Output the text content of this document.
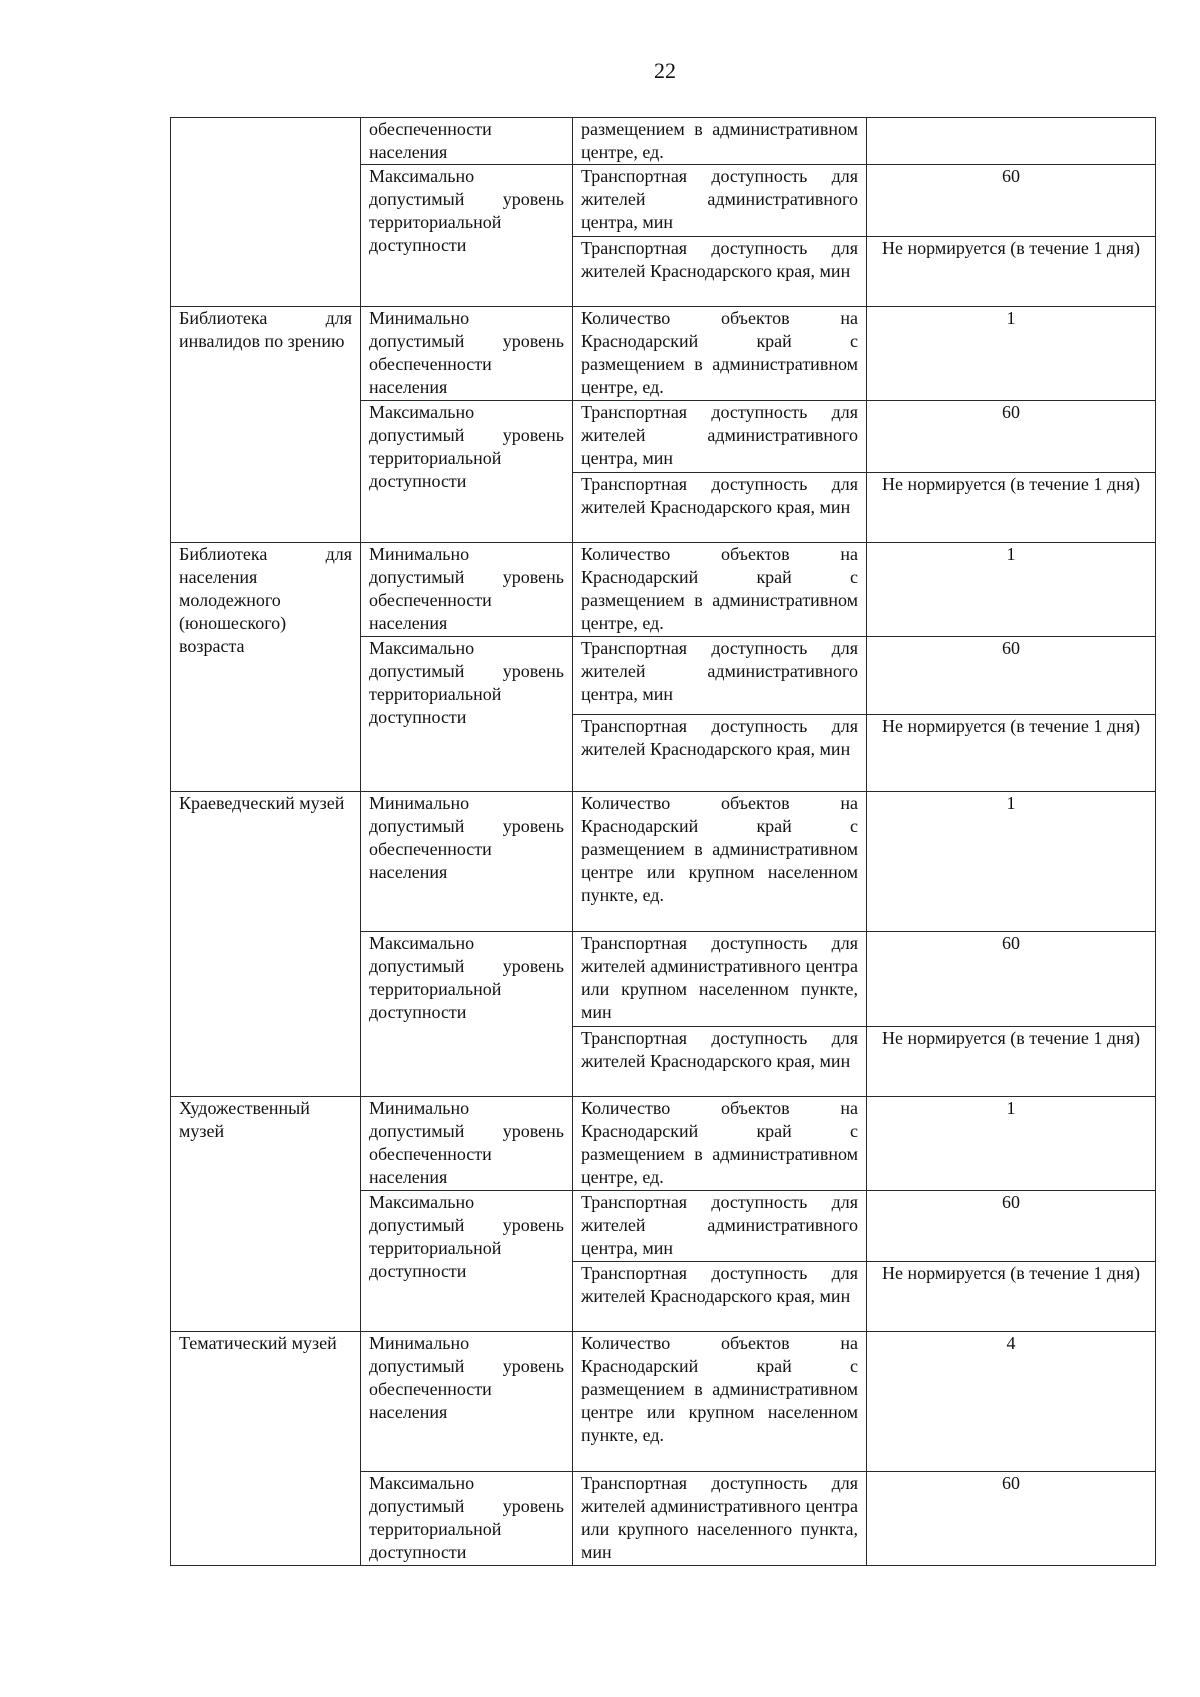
22
	обеспеченности населения	размещением в административном центре, ед.	
	Максимально допустимый уровень территориальной доступности	Транспортная доступность для жителей административного центра, мин	60
		Транспортная доступность для жителей Краснодарского края, мин	Не нормируется (в течение 1 дня)
Библиотека для инвалидов по зрению	Минимально допустимый уровень обеспеченности населения	Количество объектов на Краснодарский край с размещением в административном центре, ед.	1
	Максимально допустимый уровень территориальной доступности	Транспортная доступность для жителей административного центра, мин	60
		Транспортная доступность для жителей Краснодарского края, мин	Не нормируется (в течение 1 дня)
Библиотека для населения молодежного (юношеского) возраста	Минимально допустимый уровень обеспеченности населения	Количество объектов на Краснодарский край с размещением в административном центре, ед.	1
	Максимально допустимый уровень территориальной доступности	Транспортная доступность для жителей административного центра, мин	60
		Транспортная доступность для жителей Краснодарского края, мин	Не нормируется (в течение 1 дня)
Краеведческий музей	Минимально допустимый уровень обеспеченности населения	Количество объектов на Краснодарский край с размещением в административном центре или крупном населенном пункте, ед.	1
	Максимально допустимый уровень территориальной доступности	Транспортная доступность для жителей административного центра или крупном населенном пункте, мин	60
		Транспортная доступность для жителей Краснодарского края, мин	Не нормируется (в течение 1 дня)
Художественный музей	Минимально допустимый уровень обеспеченности населения	Количество объектов на Краснодарский край с размещением в административном центре, ед.	1
	Максимально допустимый уровень территориальной доступности	Транспортная доступность для жителей административного центра, мин	60
		Транспортная доступность для жителей Краснодарского края, мин	Не нормируется (в течение 1 дня)
Тематический музей	Минимально допустимый уровень обеспеченности населения	Количество объектов на Краснодарский край с размещением в административном центре или крупном населенном пункте, ед.	4
	Максимально допустимый уровень территориальной доступности	Транспортная доступность для жителей административного центра или крупного населенного пункта, мин	60
